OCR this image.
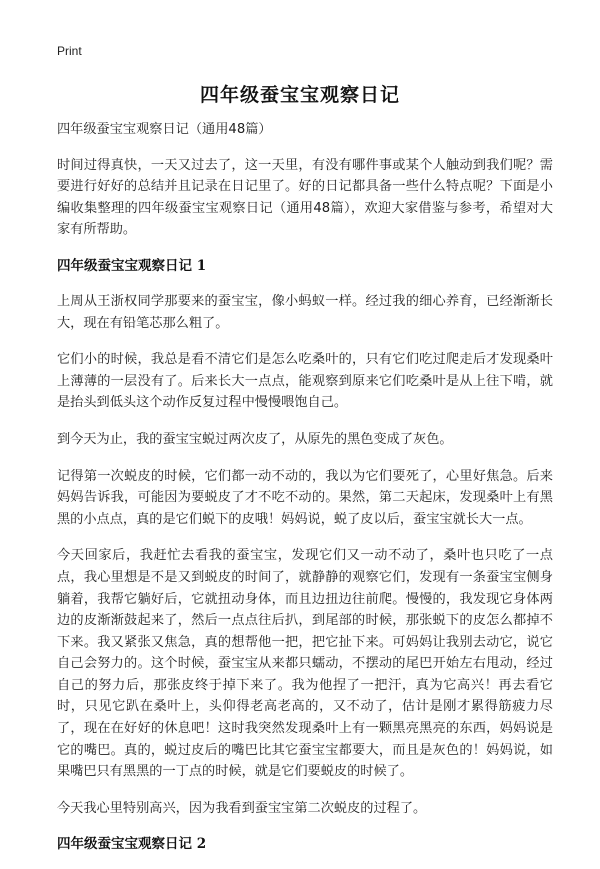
Print
四年级蚕宝宝观察日记

四年级蚕宝宝观察日记（通用48篇）

时间过得真快，一天又过去了，这一天里，有没有哪件事或某个人触动到我们呢？需要进行好好的总结并且记录在日记里了。好的日记都具备一些什么特点呢？下面是小编收集整理的四年级蚕宝宝观察日记（通用48篇），欢迎大家借鉴与参考，希望对大家有所帮助。

四年级蚕宝宝观察日记 1

上周从王浙权同学那要来的蚕宝宝，像小蚂蚁一样。经过我的细心养育，已经渐渐长大，现在有铅笔芯那么粗了。

它们小的时候，我总是看不清它们是怎么吃桑叶的，只有它们吃过爬走后才发现桑叶上薄薄的一层没有了。后来长大一点点，能观察到原来它们吃桑叶是从上往下啃，就是抬头到低头这个动作反复过程中慢慢喂饱自己。

到今天为止，我的蚕宝宝蜕过两次皮了，从原先的黑色变成了灰色。

记得第一次蜕皮的时候，它们都一动不动的，我以为它们要死了，心里好焦急。后来妈妈告诉我，可能因为要蜕皮了才不吃不动的。果然，第二天起床，发现桑叶上有黑黑的小点点，真的是它们蜕下的皮哦！妈妈说，蜕了皮以后，蚕宝宝就长大一点。

今天回家后，我赶忙去看我的蚕宝宝，发现它们又一动不动了，桑叶也只吃了一点点，我心里想是不是又到蜕皮的时间了，就静静的观察它们，发现有一条蚕宝宝侧身躺着，我帮它躺好后，它就扭动身体，而且边扭边往前爬。慢慢的，我发现它身体两边的皮渐渐鼓起来了，然后一点点往后扒，到尾部的时候，那张蜕下的皮怎么都掉不下来。我又紧张又焦急，真的想帮他一把，把它扯下来。可妈妈让我别去动它，说它自己会努力的。这个时候，蚕宝宝从来都只蠕动，不摆动的尾巴开始左右甩动，经过自己的努力后，那张皮终于掉下来了。我为他捏了一把汗，真为它高兴！再去看它时，只见它趴在桑叶上，头仰得老高老高的，又不动了，估计是刚才累得筋疲力尽了，现在在好好的休息吧！这时我突然发现桑叶上有一颗黑亮黑亮的东西，妈妈说是它的嘴巴。真的，蜕过皮后的嘴巴比其它蚕宝宝都要大，而且是灰色的！妈妈说，如果嘴巴只有黑黑的一丁点的时候，就是它们要蜕皮的时候了。

今天我心里特别高兴，因为我看到蚕宝宝第二次蜕皮的过程了。

四年级蚕宝宝观察日记 2
